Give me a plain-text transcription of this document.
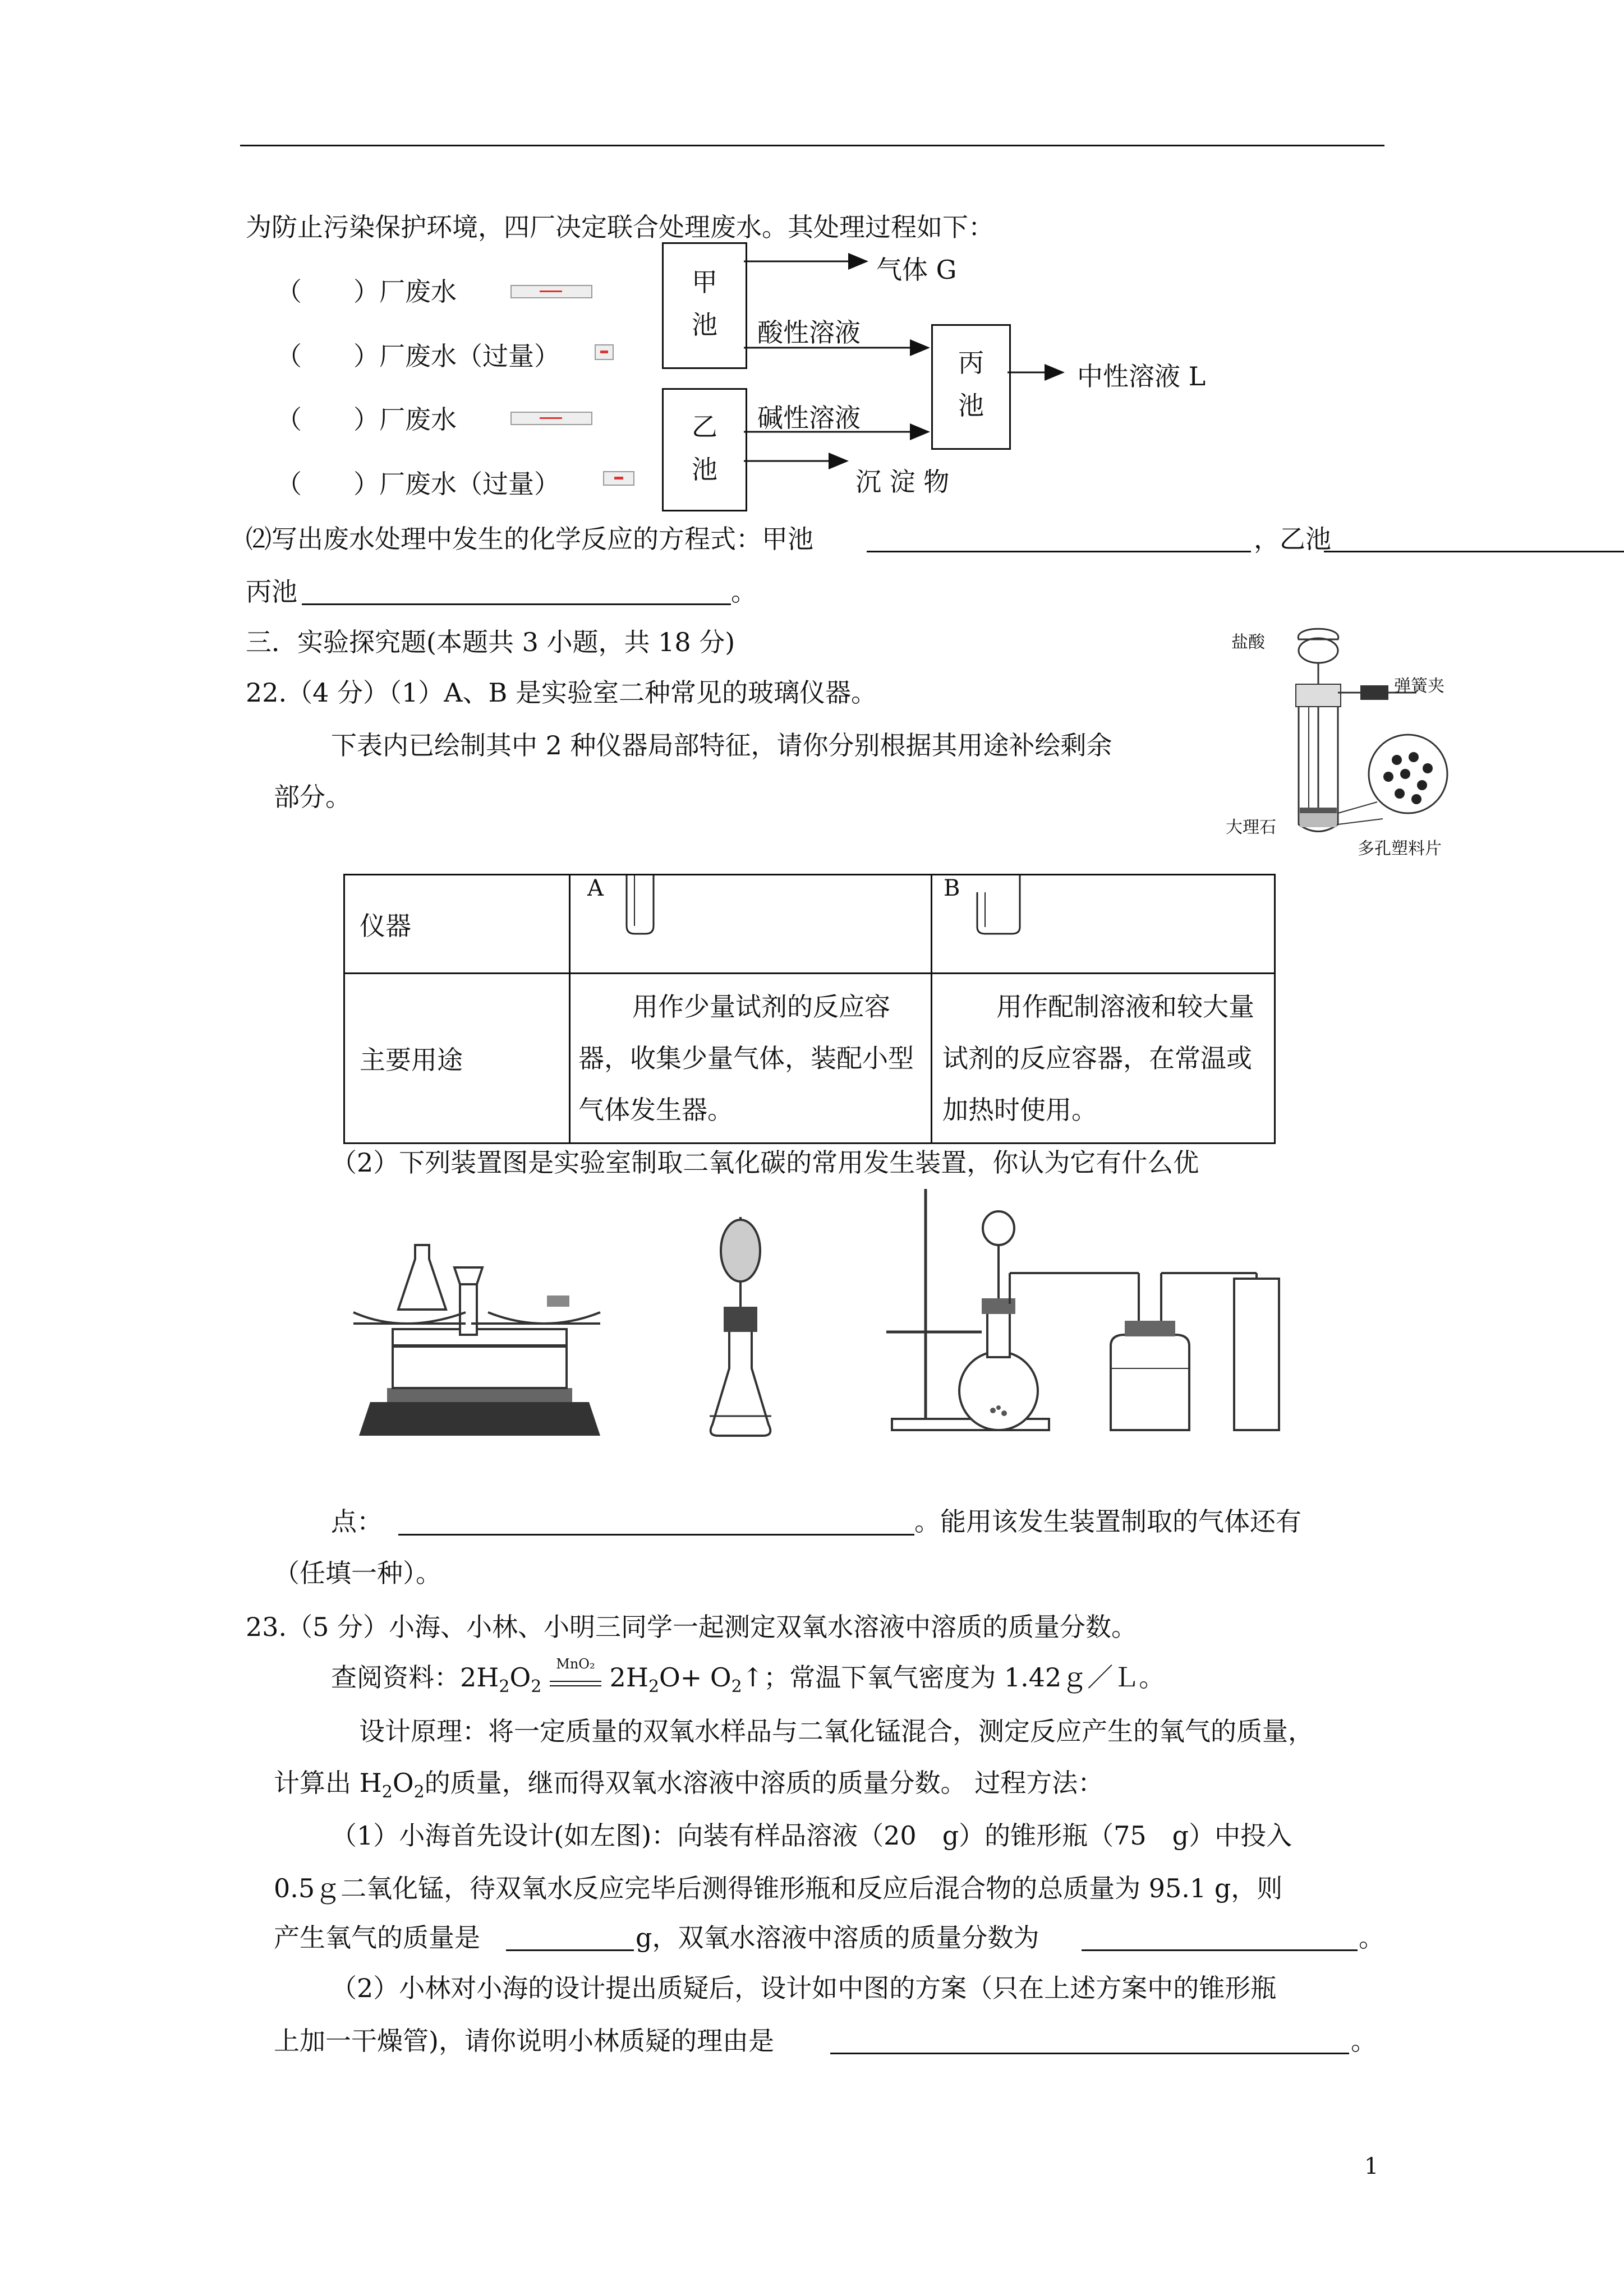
为防止污染保护环境，四厂决定联合处理废水。其处理过程如下：
（　　）厂废水
（　　）厂废水（过量）
（　　）厂废水
（　　）厂废水（过量）
甲
池
乙
池
丙
池
气体 G
酸性溶液
碱性溶液
沉 淀 物
中性溶液 L
⑵写出废水处理中发生的化学反应的方程式：甲池	，乙池
丙池	。
三．实验探究题(本题共 3 小题，共 18 分)
22.（4 分）（1）A、B 是实验室二种常见的玻璃仪器。
下表内已绘制其中 2 种仪器局部特征，请你分别根据其用途补绘剩余
部分。
盐酸
弹簧夹
大理石
多孔塑料片
仪器	A	B

主要用途	用作少量试剂的反应容器，收集少量气体，装配小型气体发生器。	用作配制溶液和较大量试剂的反应容器，在常温或加热时使用。
（2）下列装置图是实验室制取二氧化碳的常用发生装置，你认为它有什么优
点：	。能用该发生装置制取的气体还有
（任填一种）。
23.（5 分）小海、小林、小明三同学一起测定双氧水溶液中溶质的质量分数。
查阅资料：$2H_2O_2$
MnO₂ $2H_2O+$ $O_2↑$；常温下氧气密度为 1.42ｇ／Ｌ。
设计原理：将一定质量的双氧水样品与二氧化锰混合，测定反应产生的氧气的质量，
计算出 $H_2O_2$的质量，继而得双氧水溶液中溶质的质量分数。 过程方法：
（1）小海首先设计(如左图)：向装有样品溶液（20　g）的锥形瓶（75　g）中投入
0.5ｇ二氧化锰，待双氧水反应完毕后测得锥形瓶和反应后混合物的总质量为 95.1 g，则
产生氧气的质量是	g，双氧水溶液中溶质的质量分数为	。
（2）小林对小海的设计提出质疑后，设计如中图的方案（只在上述方案中的锥形瓶
上加一干燥管)，请你说明小林质疑的理由是	。
1
